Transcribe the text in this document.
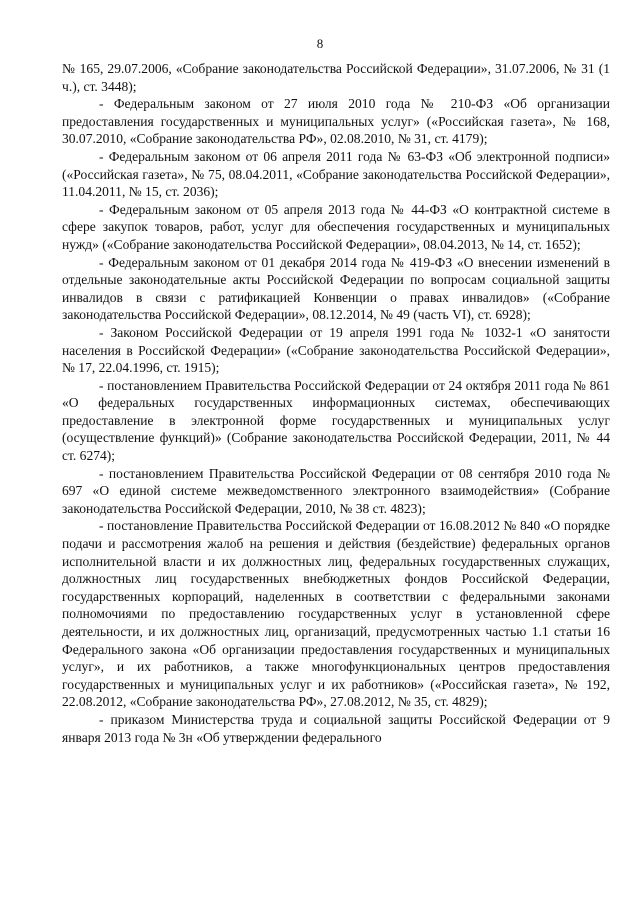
8

№ 165, 29.07.2006, «Собрание законодательства Российской Федерации», 31.07.2006, № 31 (1 ч.), ст. 3448);

- Федеральным законом от 27 июля 2010 года № 210-ФЗ «Об организации предоставления государственных и муниципальных услуг» («Российская газета», № 168, 30.07.2010, «Собрание законодательства РФ», 02.08.2010, № 31, ст. 4179);

- Федеральным законом от 06 апреля 2011 года № 63-ФЗ «Об электронной подписи» («Российская газета», № 75, 08.04.2011, «Собрание законодательства Российской Федерации», 11.04.2011, № 15, ст. 2036);

- Федеральным законом от 05 апреля 2013 года № 44-ФЗ «О контрактной системе в сфере закупок товаров, работ, услуг для обеспечения государственных и муниципальных нужд» («Собрание законодательства Российской Федерации», 08.04.2013, № 14, ст. 1652);

- Федеральным законом от 01 декабря 2014 года № 419-ФЗ «О внесении изменений в отдельные законодательные акты Российской Федерации по вопросам социальной защиты инвалидов в связи с ратификацией Конвенции о правах инвалидов» («Собрание законодательства Российской Федерации», 08.12.2014, № 49 (часть VI), ст. 6928);

- Законом Российской Федерации от 19 апреля 1991 года № 1032-1 «О занятости населения в Российской Федерации» («Собрание законодательства Российской Федерации», № 17, 22.04.1996, ст. 1915);

- постановлением Правительства Российской Федерации от 24 октября 2011 года № 861 «О федеральных государственных информационных системах, обеспечивающих предоставление в электронной форме государственных и муниципальных услуг (осуществление функций)» (Собрание законодательства Российской Федерации, 2011, № 44 ст. 6274);

- постановлением Правительства Российской Федерации от 08 сентября 2010 года № 697 «О единой системе межведомственного электронного взаимодействия» (Собрание законодательства Российской Федерации, 2010, № 38 ст. 4823);

- постановление Правительства Российской Федерации от 16.08.2012 № 840 «О порядке подачи и рассмотрения жалоб на решения и действия (бездействие) федеральных органов исполнительной власти и их должностных лиц, федеральных государственных служащих, должностных лиц государственных внебюджетных фондов Российской Федерации, государственных корпораций, наделенных в соответствии с федеральными законами полномочиями по предоставлению государственных услуг в установленной сфере деятельности, и их должностных лиц, организаций, предусмотренных частью 1.1 статьи 16 Федерального закона «Об организации предоставления государственных и муниципальных услуг», и их работников, а также многофункциональных центров предоставления государственных и муниципальных услуг и их работников» («Российская газета», № 192, 22.08.2012, «Собрание законодательства РФ», 27.08.2012, № 35, ст. 4829);

- приказом Министерства труда и социальной защиты Российской Федерации от 9 января 2013 года № 3н «Об утверждении федерального
